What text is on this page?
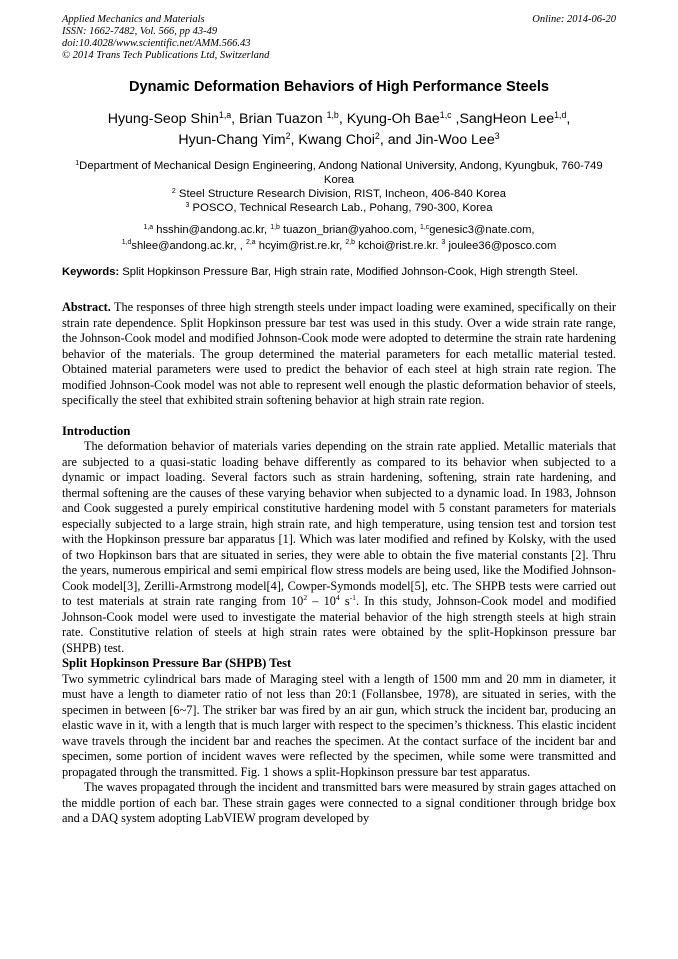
Applied Mechanics and Materials
ISSN: 1662-7482, Vol. 566, pp 43-49
doi:10.4028/www.scientific.net/AMM.566.43
© 2014 Trans Tech Publications Ltd, Switzerland
Online: 2014-06-20
Dynamic Deformation Behaviors of High Performance Steels
Hyung-Seop Shin$^{1,a}$, Brian Tuazon $^{1,b}$, Kyung-Oh Bae$^{1,c}$ ,SangHeon Lee$^{1,d}$,
Hyun-Chang Yim$^2$, Kwang Choi$^2$, and Jin-Woo Lee$^3$
$^1$Department of Mechanical Design Engineering, Andong National University, Andong, Kyungbuk, 760-749 Korea
$^2$ Steel Structure Research Division, RIST, Incheon, 406-840 Korea
$^3$ POSCO, Technical Research Lab., Pohang, 790-300, Korea
$^{1,a}$ hsshin@andong.ac.kr, $^{1,b}$ tuazon_brian@yahoo.com, $^{1,c}$genesic3@nate.com,
$^{1,d}$shlee@andong.ac.kr, , $^{2,a}$ hcyim@rist.re.kr, $^{2,b}$ kchoi@rist.re.kr. $^3$ joulee36@posco.com
Keywords: Split Hopkinson Pressure Bar, High strain rate, Modified Johnson-Cook, High strength Steel.
Abstract. The responses of three high strength steels under impact loading were examined, specifically on their strain rate dependence. Split Hopkinson pressure bar test was used in this study. Over a wide strain rate range, the Johnson-Cook model and modified Johnson-Cook mode were adopted to determine the strain rate hardening behavior of the materials. The group determined the material parameters for each metallic material tested. Obtained material parameters were used to predict the behavior of each steel at high strain rate region. The modified Johnson-Cook model was not able to represent well enough the plastic deformation behavior of steels, specifically the steel that exhibited strain softening behavior at high strain rate region.
Introduction
The deformation behavior of materials varies depending on the strain rate applied. Metallic materials that are subjected to a quasi-static loading behave differently as compared to its behavior when subjected to a dynamic or impact loading. Several factors such as strain hardening, softening, strain rate hardening, and thermal softening are the causes of these varying behavior when subjected to a dynamic load. In 1983, Johnson and Cook suggested a purely empirical constitutive hardening model with 5 constant parameters for materials especially subjected to a large strain, high strain rate, and high temperature, using tension test and torsion test with the Hopkinson pressure bar apparatus [1]. Which was later modified and refined by Kolsky, with the used of two Hopkinson bars that are situated in series, they were able to obtain the five material constants [2]. Thru the years, numerous empirical and semi empirical flow stress models are being used, like the Modified Johnson-Cook model[3], Zerilli-Armstrong model[4], Cowper-Symonds model[5], etc. The SHPB tests were carried out to test materials at strain rate ranging from $10^2 - 10^4$ $s^{-1}$. In this study, Johnson-Cook model and modified Johnson-Cook model were used to investigate the material behavior of the high strength steels at high strain rate. Constitutive relation of steels at high strain rates were obtained by the split-Hopkinson pressure bar (SHPB) test.
Split Hopkinson Pressure Bar (SHPB) Test
Two symmetric cylindrical bars made of Maraging steel with a length of 1500 mm and 20 mm in diameter, it must have a length to diameter ratio of not less than 20:1 (Follansbee, 1978), are situated in series, with the specimen in between [6~7]. The striker bar was fired by an air gun, which struck the incident bar, producing an elastic wave in it, with a length that is much larger with respect to the specimen’s thickness. This elastic incident wave travels through the incident bar and reaches the specimen. At the contact surface of the incident bar and specimen, some portion of incident waves were reflected by the specimen, while some were transmitted and propagated through the transmitted. Fig. 1 shows a split-Hopkinson pressure bar test apparatus.
The waves propagated through the incident and transmitted bars were measured by strain gages attached on the middle portion of each bar. These strain gages were connected to a signal conditioner through bridge box and a DAQ system adopting LabVIEW program developed by
